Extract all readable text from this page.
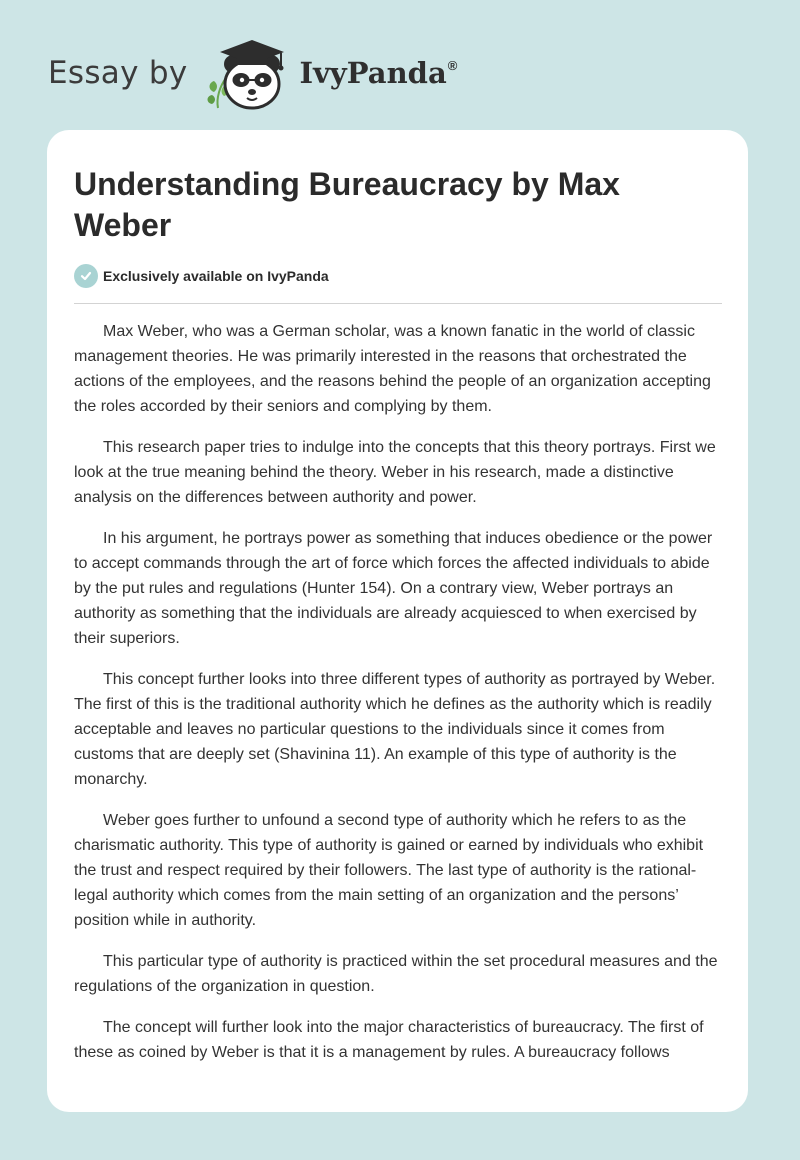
Essay by	IvyPanda®
Understanding Bureaucracy by Max Weber
Exclusively available on IvyPanda

Max Weber, who was a German scholar, was a known fanatic in the world of classic management theories. He was primarily interested in the reasons that orchestrated the actions of the employees, and the reasons behind the people of an organization accepting the roles accorded by their seniors and complying by them.

This research paper tries to indulge into the concepts that this theory portrays. First we look at the true meaning behind the theory. Weber in his research, made a distinctive analysis on the differences between authority and power.

In his argument, he portrays power as something that induces obedience or the power to accept commands through the art of force which forces the affected individuals to abide by the put rules and regulations (Hunter 154). On a contrary view, Weber portrays an authority as something that the individuals are already acquiesced to when exercised by their superiors.

This concept further looks into three different types of authority as portrayed by Weber. The first of this is the traditional authority which he defines as the authority which is readily acceptable and leaves no particular questions to the individuals since it comes from customs that are deeply set (Shavinina 11). An example of this type of authority is the monarchy.

Weber goes further to unfound a second type of authority which he refers to as the charismatic authority. This type of authority is gained or earned by individuals who exhibit the trust and respect required by their followers. The last type of authority is the rational-legal authority which comes from the main setting of an organization and the persons’ position while in authority.

This particular type of authority is practiced within the set procedural measures and the regulations of the organization in question.

The concept will further look into the major characteristics of bureaucracy. The first of these as coined by Weber is that it is a management by rules. A bureaucracy follows
